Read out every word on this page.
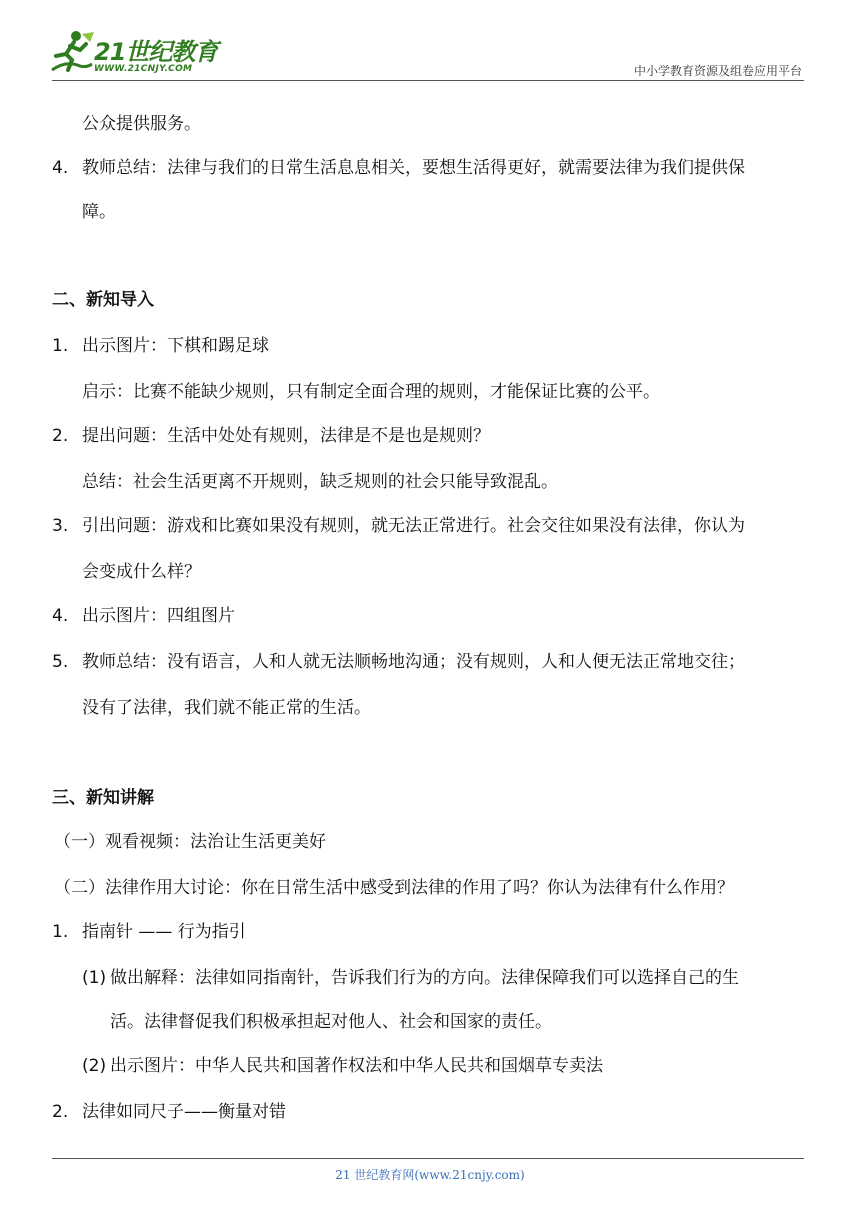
21世纪教育
WWW.21CNJY.COM	中小学教育资源及组卷应用平台
公众提供服务。
4. 教师总结：法律与我们的日常生活息息相关，要想生活得更好，就需要法律为我们提供保
障。
二、新知导入
1. 出示图片：下棋和踢足球
启示：比赛不能缺少规则，只有制定全面合理的规则，才能保证比赛的公平。
2. 提出问题：生活中处处有规则，法律是不是也是规则？
总结：社会生活更离不开规则，缺乏规则的社会只能导致混乱。
3. 引出问题：游戏和比赛如果没有规则，就无法正常进行。社会交往如果没有法律，你认为
会变成什么样？
4. 出示图片：四组图片
5. 教师总结：没有语言，人和人就无法顺畅地沟通；没有规则，人和人便无法正常地交往；
没有了法律，我们就不能正常的生活。
三、新知讲解
（一）观看视频：法治让生活更美好
（二）法律作用大讨论：你在日常生活中感受到法律的作用了吗？你认为法律有什么作用？
1. 指南针 —— 行为指引
(1) 做出解释：法律如同指南针，告诉我们行为的方向。法律保障我们可以选择自己的生
活。法律督促我们积极承担起对他人、社会和国家的责任。
(2) 出示图片：中华人民共和国著作权法和中华人民共和国烟草专卖法
2. 法律如同尺子——衡量对错
21 世纪教育网(www.21cnjy.com)
